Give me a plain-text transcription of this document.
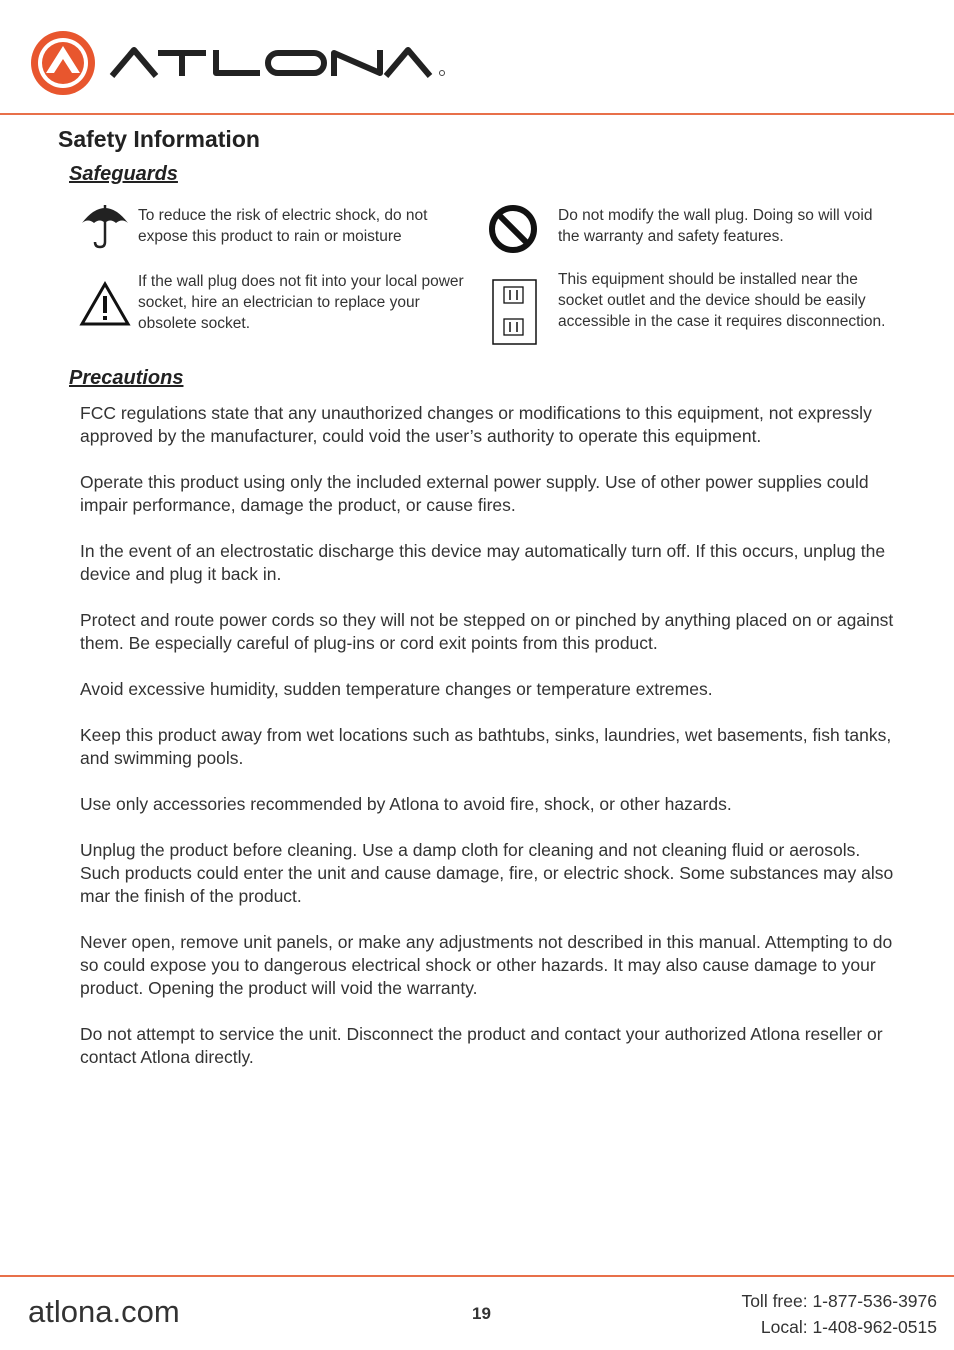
Safety Information
Safeguards

To reduce the risk of electric shock, do not expose this product to rain or moisture

Do not modify the wall plug. Doing so will void the warranty and safety features.

If the wall plug does not fit into your local power socket, hire an electrician to replace your obsolete socket.

This equipment should be installed near the socket outlet and the device should be easily accessible in the case it requires disconnection.

Precautions

FCC regulations state that any unauthorized changes or modifications to this equipment, not expressly approved by the manufacturer, could void the user’s authority to operate this equipment.

Operate this product using only the included external power supply. Use of other power supplies could impair performance, damage the product, or cause fires.

In the event of an electrostatic discharge this device may automatically turn off. If this occurs, unplug the device and plug it back in.

Protect and route power cords so they will not be stepped on or pinched by anything placed on or against them. Be especially careful of plug-ins or cord exit points from this product.

Avoid excessive humidity, sudden temperature changes or temperature extremes.

Keep this product away from wet locations such as bathtubs, sinks, laundries, wet basements, fish tanks, and swimming pools.

Use only accessories recommended by Atlona to avoid fire, shock, or other hazards.

Unplug the product before cleaning. Use a damp cloth for cleaning and not cleaning fluid or aerosols. Such products could enter the unit and cause damage, fire, or electric shock. Some substances may also mar the finish of the product.

Never open, remove unit panels, or make any adjustments not described in this manual. Attempting to do so could expose you to dangerous electrical shock or other hazards. It may also cause damage to your product. Opening the product will void the warranty.

Do not attempt to service the unit. Disconnect the product and contact your authorized Atlona reseller or contact Atlona directly.

atlona.com	19
Toll free: 1-877-536-3976
Local: 1-408-962-0515
